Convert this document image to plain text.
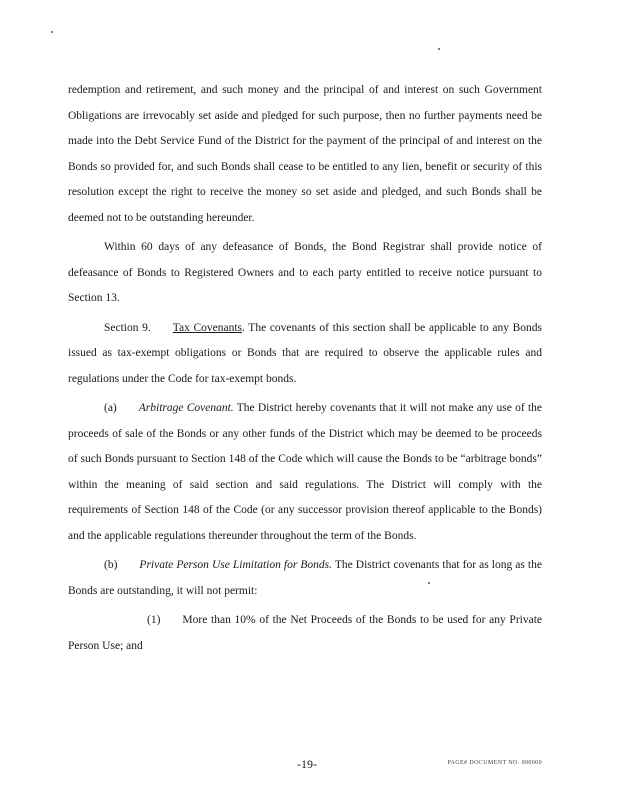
redemption and retirement, and such money and the principal of and interest on such Government Obligations are irrevocably set aside and pledged for such purpose, then no further payments need be made into the Debt Service Fund of the District for the payment of the principal of and interest on the Bonds so provided for, and such Bonds shall cease to be entitled to any lien, benefit or security of this resolution except the right to receive the money so set aside and pledged, and such Bonds shall be deemed not to be outstanding hereunder.

Within 60 days of any defeasance of Bonds, the Bond Registrar shall provide notice of defeasance of Bonds to Registered Owners and to each party entitled to receive notice pursuant to Section 13.

Section 9. Tax Covenants. The covenants of this section shall be applicable to any Bonds issued as tax-exempt obligations or Bonds that are required to observe the applicable rules and regulations under the Code for tax-exempt bonds.

(a) Arbitrage Covenant. The District hereby covenants that it will not make any use of the proceeds of sale of the Bonds or any other funds of the District which may be deemed to be proceeds of such Bonds pursuant to Section 148 of the Code which will cause the Bonds to be “arbitrage bonds” within the meaning of said section and said regulations. The District will comply with the requirements of Section 148 of the Code (or any successor provision thereof applicable to the Bonds) and the applicable regulations thereunder throughout the term of the Bonds.

(b) Private Person Use Limitation for Bonds. The District covenants that for as long as the Bonds are outstanding, it will not permit:

(1) More than 10% of the Net Proceeds of the Bonds to be used for any Private Person Use; and

-19-	PAGE# DOCUMENT NO. 000000
